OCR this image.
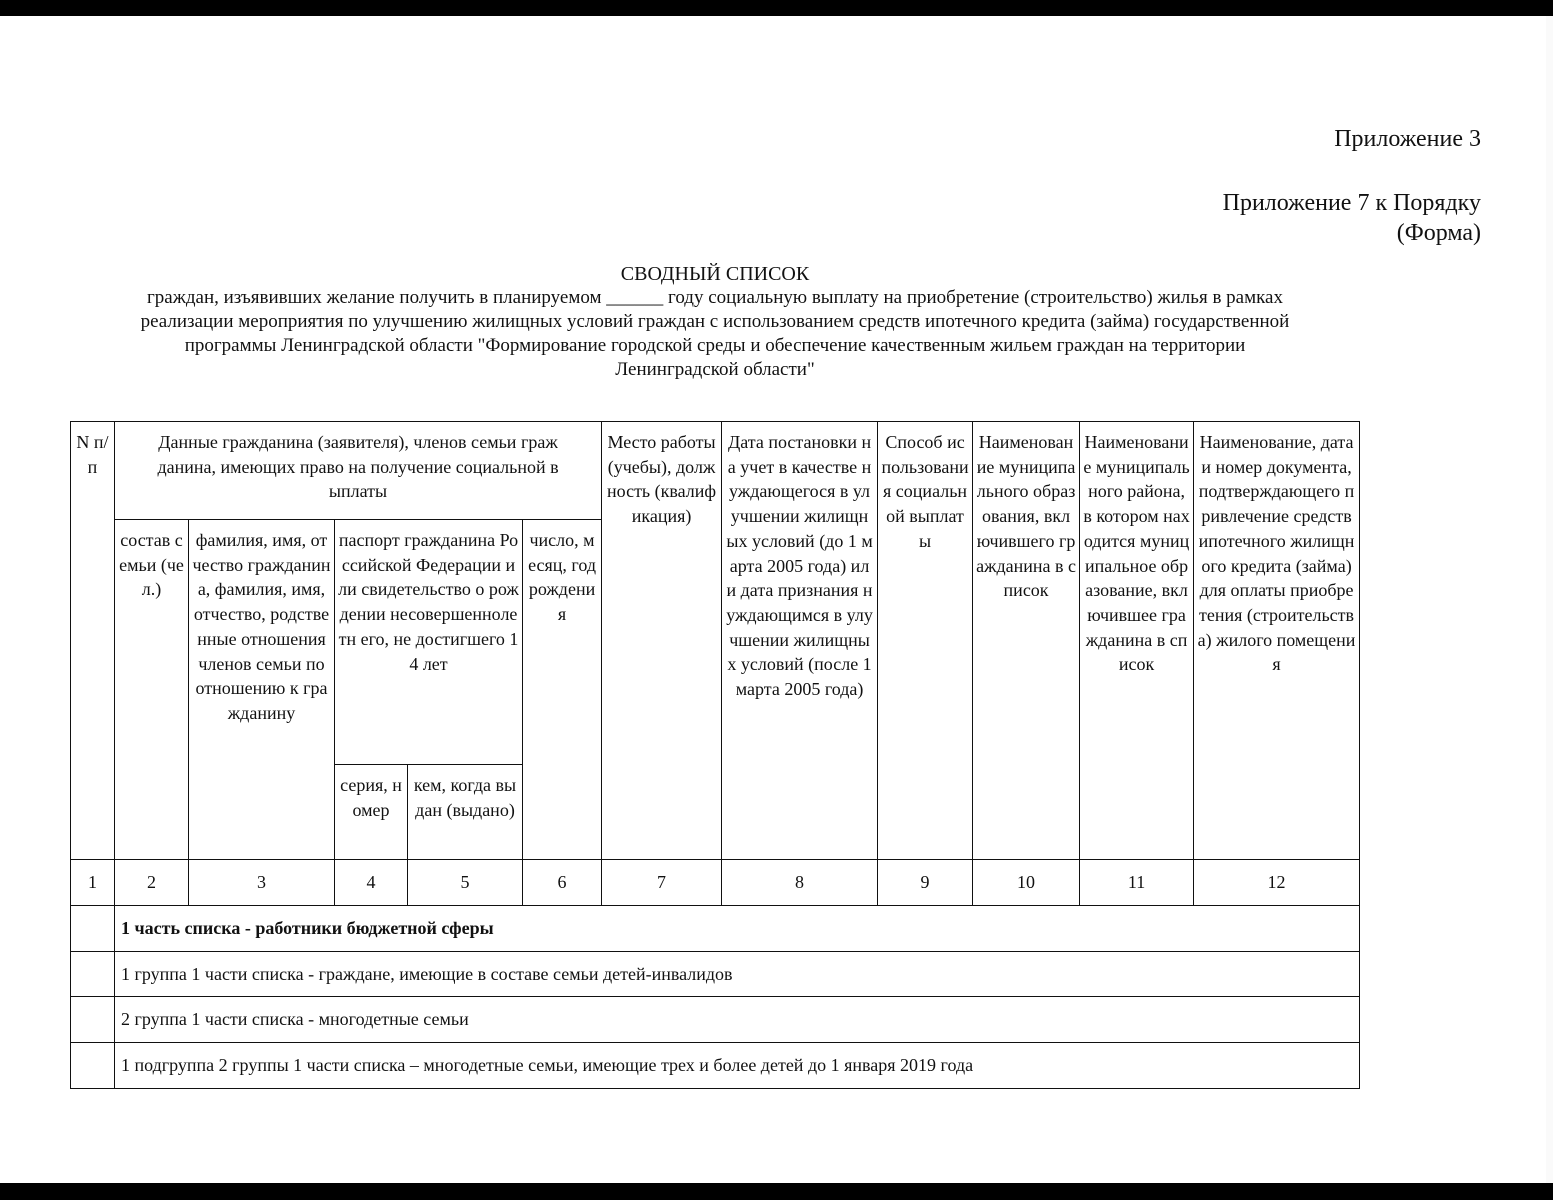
Приложение 3
Приложение 7 к Порядку
(Форма)
СВОДНЫЙ СПИСОК
граждан, изъявивших желание получить в планируемом ______ году социальную выплату на приобретение (строительство) жилья в рамках
реализации мероприятия по улучшению жилищных условий граждан с использованием средств ипотечного кредита (займа) государственной
программы Ленинградской области "Формирование городской среды и обеспечение качественным жильем граждан на территории
Ленинградской области"
N п/п	Данные гражданина (заявителя), членов семьи гражданина, имеющих право на получение социальной выплаты					Место работы (учебы), должность (квалификация)	Дата постановки на учет в качестве нуждающегося в улучшении жилищных условий (до 1 марта 2005 года) или дата признания нуждающимся в улучшении жилищных условий (после 1 марта 2005 года)	Способ использования социальной выплаты	Наименование муниципального образования, включившего гражданина в список	Наименование муниципального района, в котором находится муниципальное образование, включившее гражданина в список	Наименование, дата и номер документа, подтверждающего привлечение средств ипотечного жилищного кредита (займа) для оплаты приобретения (строительства) жилого помещения
	состав семьи (чел.)	фамилия, имя, отчество гражданина, фамилия, имя, отчество, родственные отношения членов семьи по отношению к гражданину	паспорт гражданина Российской Федерации или свидетельство о рождении несовершеннолетн его, не достигшего 14 лет		число, месяц, год рождения						
			серия, номер	кем, когда выдан (выдано)							
1	2	3	4	5	6	7	8	9	10	11	12
	1 часть списка - работники бюджетной сферы										
	1 группа 1 части списка - граждане, имеющие в составе семьи детей-инвалидов										
	2 группа 1 части списка - многодетные семьи										
	1 подгруппа 2 группы 1 части списка – многодетные семьи, имеющие трех и более детей до 1 января 2019 года										
